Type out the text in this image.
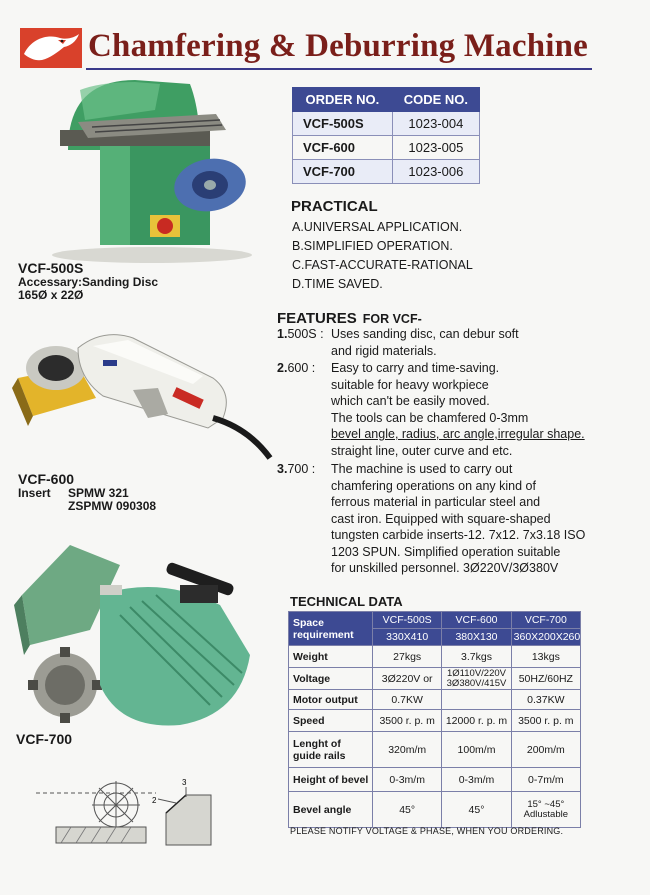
Chamfering & Deburring Machine
ORDER NO.	CODE NO.
VCF-500S	1023-004
VCF-600	1023-005
VCF-700	1023-006
PRACTICAL
A.UNIVERSAL APPLICATION.
B.SIMPLIFIED OPERATION.
C.FAST-ACCURATE-RATIONAL
D.TIME SAVED.
FEATURES FOR VCF-
1.500S : Uses sanding disc, can debur soft
and rigid materials.
2.600 :	Easy to carry and time-saving.
suitable for heavy workpiece
which can't be easily moved.
The tools can be chamfered 0-3mm
bevel angle, radius, arc angle,irregular shape.
straight line, outer curve and etc.
3.700 :	The machine is used to carry out
chamfering operations on any kind of
ferrous material in particular steel and
cast iron. Equipped with square-shaped
tungsten carbide inserts-12. 7x12. 7x3.18 ISO
1203 SPUN. Simplified operation suitable
for unskilled personnel. 3Ø220V/3Ø380V
TECHNICAL DATA
Space requirement	VCF-500S	VCF-600	VCF-700
	330X410	380X130	360X200X260
Weight	27kgs	3.7kgs	13kgs
Voltage	3Ø220V or	1Ø110V/220V 3Ø380V/415V	50HZ/60HZ
Motor output	0.7KW		0.37KW
Speed	3500 r. p. m	12000 r. p. m	3500 r. p. m
Lenght of guide rails	320m/m	100m/m	200m/m
Height of bevel	0-3m/m	0-3m/m	0-7m/m
Bevel angle	45°	45°	15° ~45° Adlustable
PLEASE NOTIFY VOLTAGE & PHASE, WHEN YOU ORDERING.
VCF-500S
Accessary:Sanding Disc
165Ø x 22Ø
VCF-600
Insert SPMW 321
ZSPMW 090308
VCF-700
2
3
